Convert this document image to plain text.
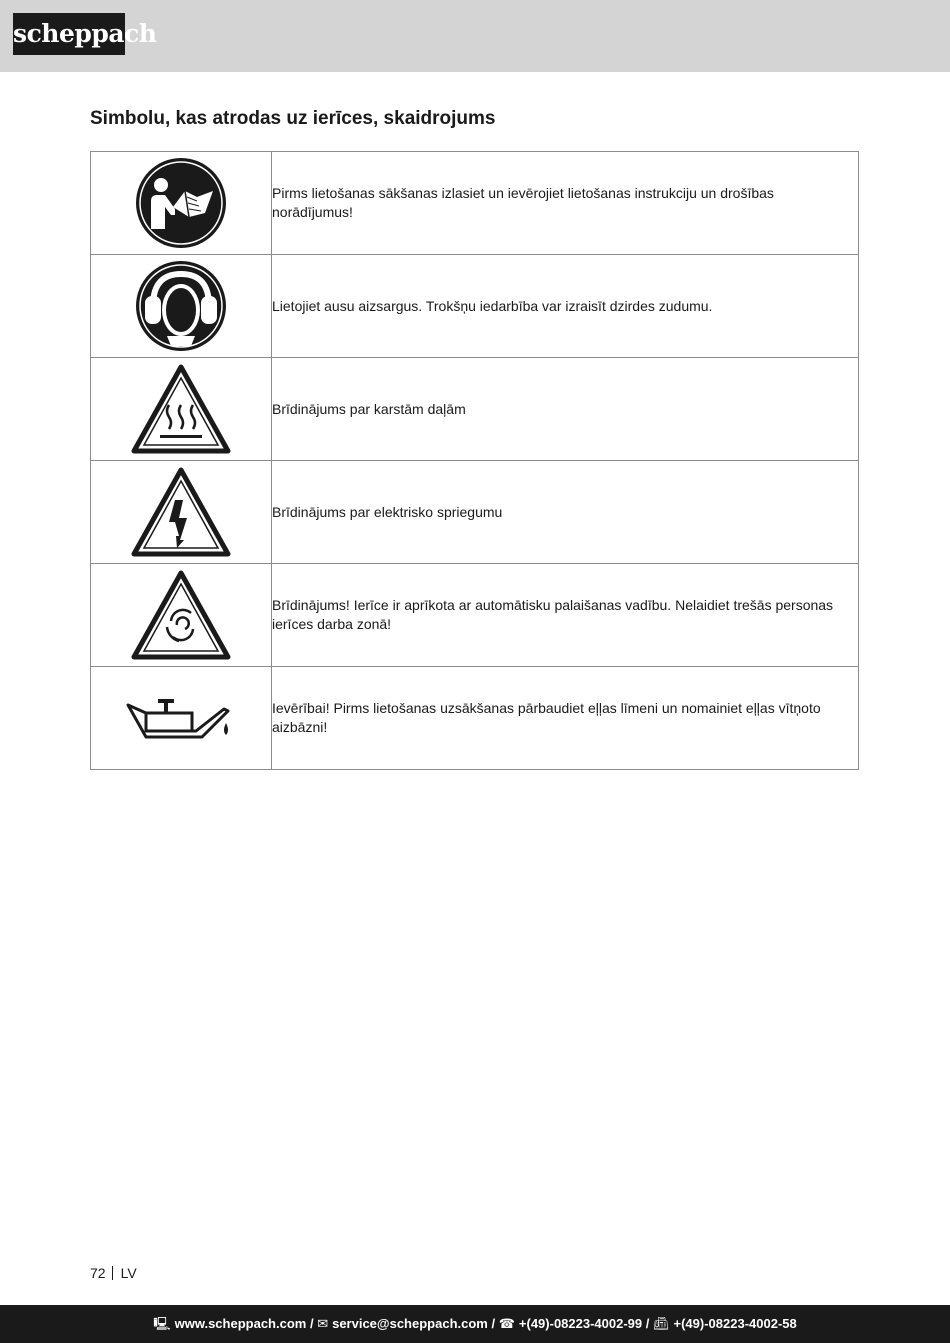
scheppach
Simbolu, kas atrodas uz ierīces, skaidrojums
	Pirms lietošanas sākšanas izlasiet un ievērojiet lietošanas instrukciju un drošības norādījumus!
	Lietojiet ausu aizsargus. Trokšņu iedarbība var izraisīt dzirdes zudumu.
	Brīdinājums par karstām daļām
	Brīdinājums par elektrisko spriegumu
	Brīdinājums! Ierīce ir aprīkota ar automātisku palaišanas vadību. Nelaidiet trešās personas ierīces darba zonā!
	Ievērībai! Pirms lietošanas uzsākšanas pārbaudiet eļļas līmeni un nomainiet eļļas vītņoto aizbāzni!
72 LV
🖳︎ www.scheppach.com / ✉︎ service@scheppach.com / ☎︎ +(49)-08223-4002-99 / 📠︎ +(49)-08223-4002-58
